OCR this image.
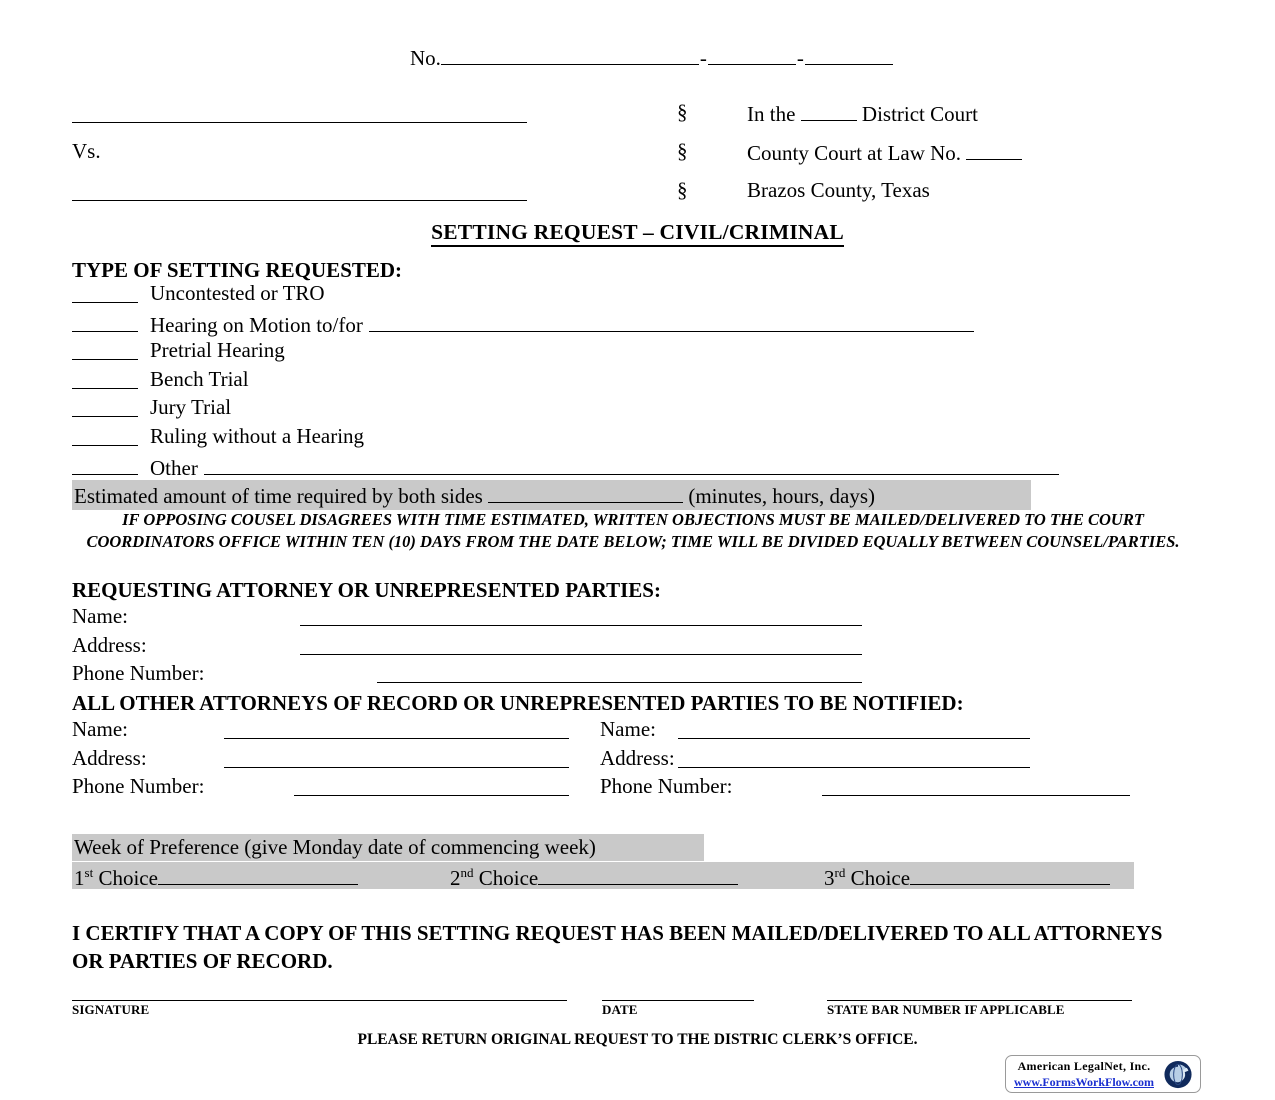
No.	-	-
§	In the	District Court
Vs.	§	County Court at Law No.
§	Brazos County, Texas
SETTING REQUEST – CIVIL/CRIMINAL
TYPE OF SETTING REQUESTED:
Uncontested or TRO
Hearing on Motion to/for
Pretrial Hearing
Bench Trial
Jury Trial
Ruling without a Hearing
Other
Estimated amount of time required by both sides	(minutes, hours, days)
IF OPPOSING COUSEL DISAGREES WITH TIME ESTIMATED, WRITTEN OBJECTIONS MUST BE MAILED/DELIVERED TO THE COURT COORDINATORS OFFICE WITHIN TEN (10) DAYS FROM THE DATE BELOW; TIME WILL BE DIVIDED EQUALLY BETWEEN COUNSEL/PARTIES.
REQUESTING ATTORNEY OR UNREPRESENTED PARTIES:
Name:
Address:
Phone Number:
ALL OTHER ATTORNEYS OF RECORD OR UNREPRESENTED PARTIES TO BE NOTIFIED:
Name:
Address:
Phone Number:
Name:
Address:
Phone Number:
Week of Preference (give Monday date of commencing week)
1st Choice	2nd Choice	3rd Choice
I CERTIFY THAT A COPY OF THIS SETTING REQUEST HAS BEEN MAILED/DELIVERED TO ALL ATTORNEYS OR PARTIES OF RECORD.
SIGNATURE	DATE	STATE BAR NUMBER IF APPLICABLE
PLEASE RETURN ORIGINAL REQUEST TO THE DISTRIC CLERK’S OFFICE.
American LegalNet, Inc.
www.FormsWorkFlow.com
